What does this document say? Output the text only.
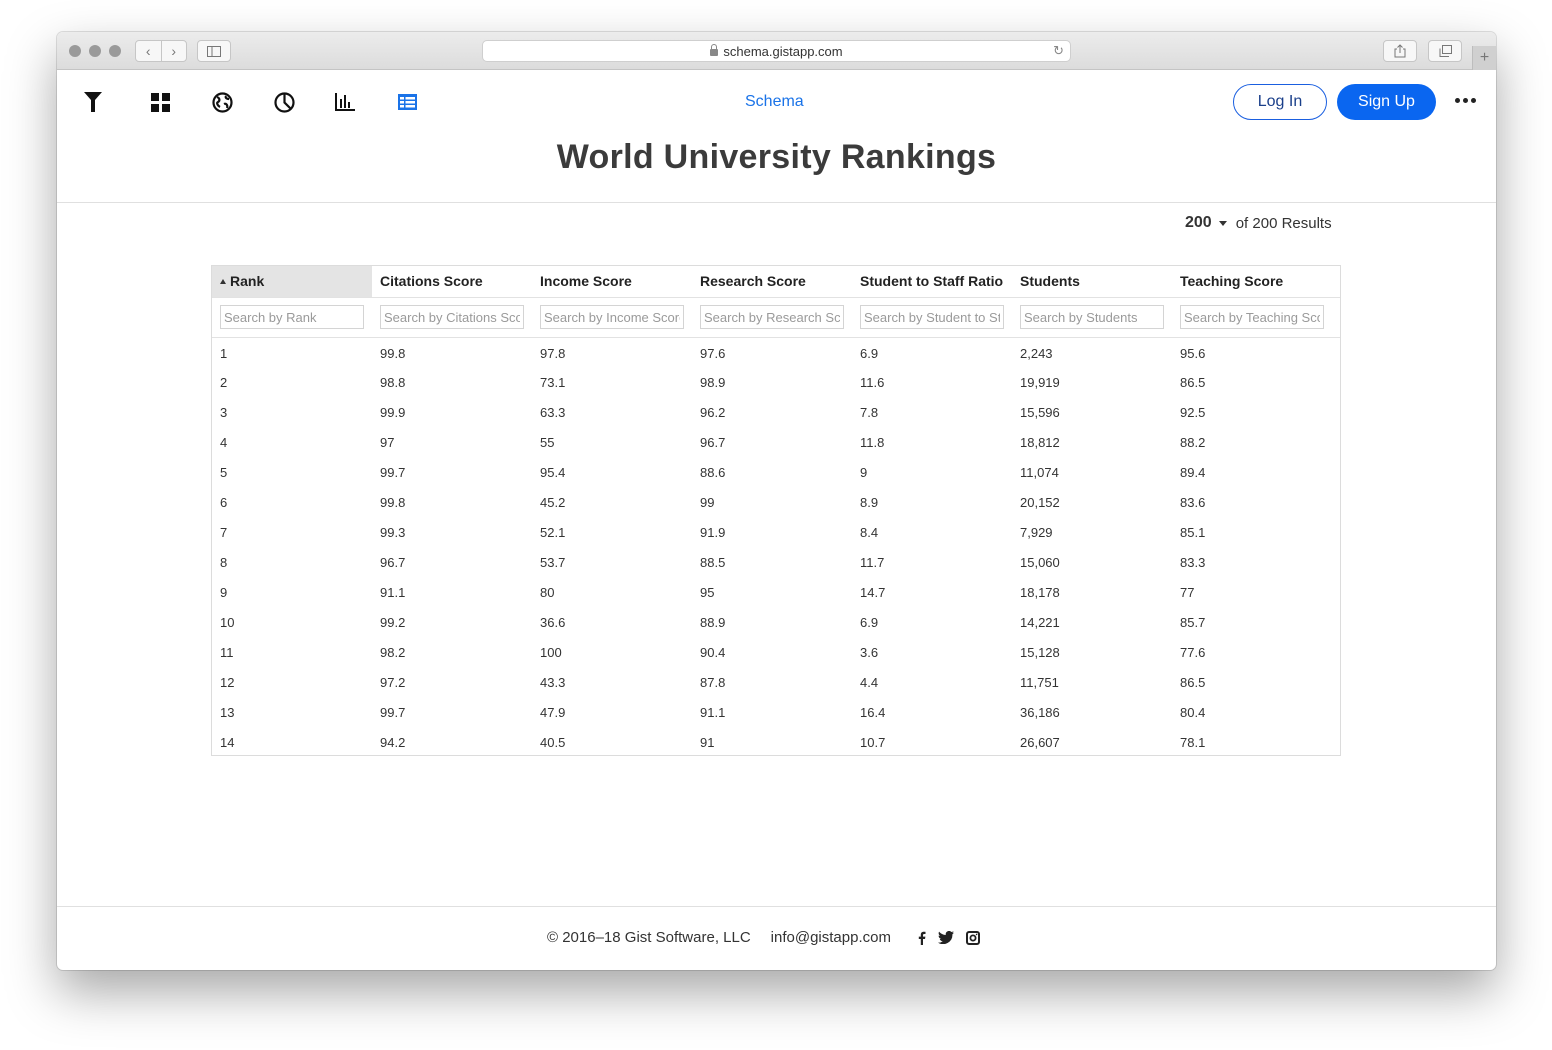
‹	›	schema.gistapp.com	↻	+
Schema	Log In	Sign Up
World University Rankings
200 of 200 Results
Rank	Citations Score	Income Score	Research Score	Student to Staff Ratio	Students	Teaching Score
Search by Rank	Search by Citations Score	Search by Income Score	Search by Research Score	Search by Student to Staff Ratio	Search by Students	Search by Teaching Score
1	99.8	97.8	97.6	6.9	2,243	95.6
2	98.8	73.1	98.9	11.6	19,919	86.5
3	99.9	63.3	96.2	7.8	15,596	92.5
4	97	55	96.7	11.8	18,812	88.2
5	99.7	95.4	88.6	9	11,074	89.4
6	99.8	45.2	99	8.9	20,152	83.6
7	99.3	52.1	91.9	8.4	7,929	85.1
8	96.7	53.7	88.5	11.7	15,060	83.3
9	91.1	80	95	14.7	18,178	77
10	99.2	36.6	88.9	6.9	14,221	85.7
11	98.2	100	90.4	3.6	15,128	77.6
12	97.2	43.3	87.8	4.4	11,751	86.5
13	99.7	47.9	91.1	16.4	36,186	80.4
14	94.2	40.5	91	10.7	26,607	78.1
© 2016–18 Gist Software, LLC info@gistapp.com
